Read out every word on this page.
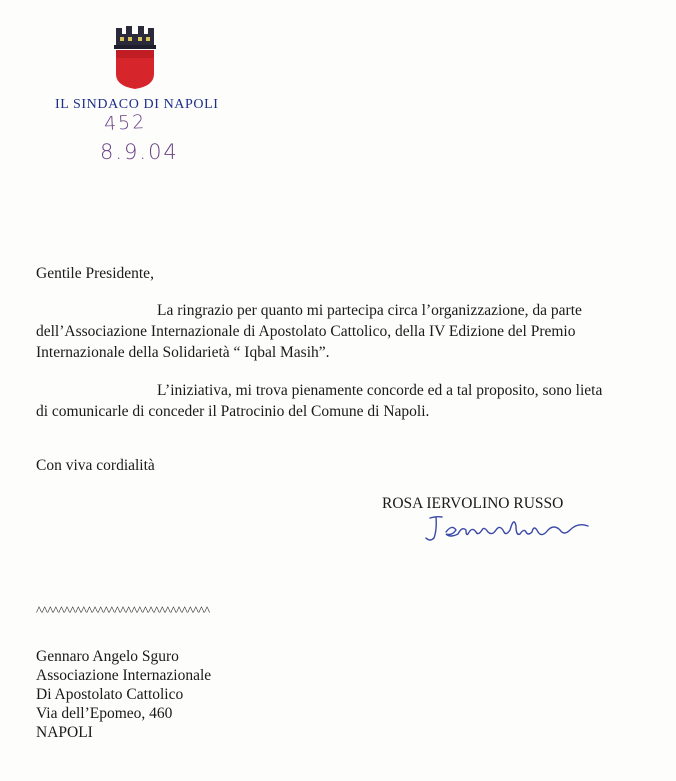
IL SINDACO DI NAPOLI
452
8.9.04
Gentile Presidente,
La ringrazio per quanto mi partecipa circa l’organizzazione, da parte
dell’Associazione Internazionale di Apostolato Cattolico, della IV Edizione del Premio
Internazionale della Solidarietà “ Iqbal Masih”.
L’iniziativa, mi trova pienamente concorde ed a tal proposito, sono lieta
di comunicarle di conceder il Patrocinio del Comune di Napoli.
Con viva cordialità
ROSA IERVOLINO RUSSO
^^^^^^^^^^^^^^^^^^^^^^^^^^^^^^^
Gennaro Angelo Sguro
Associazione Internazionale
Di Apostolato Cattolico
Via dell’Epomeo, 460
NAPOLI
